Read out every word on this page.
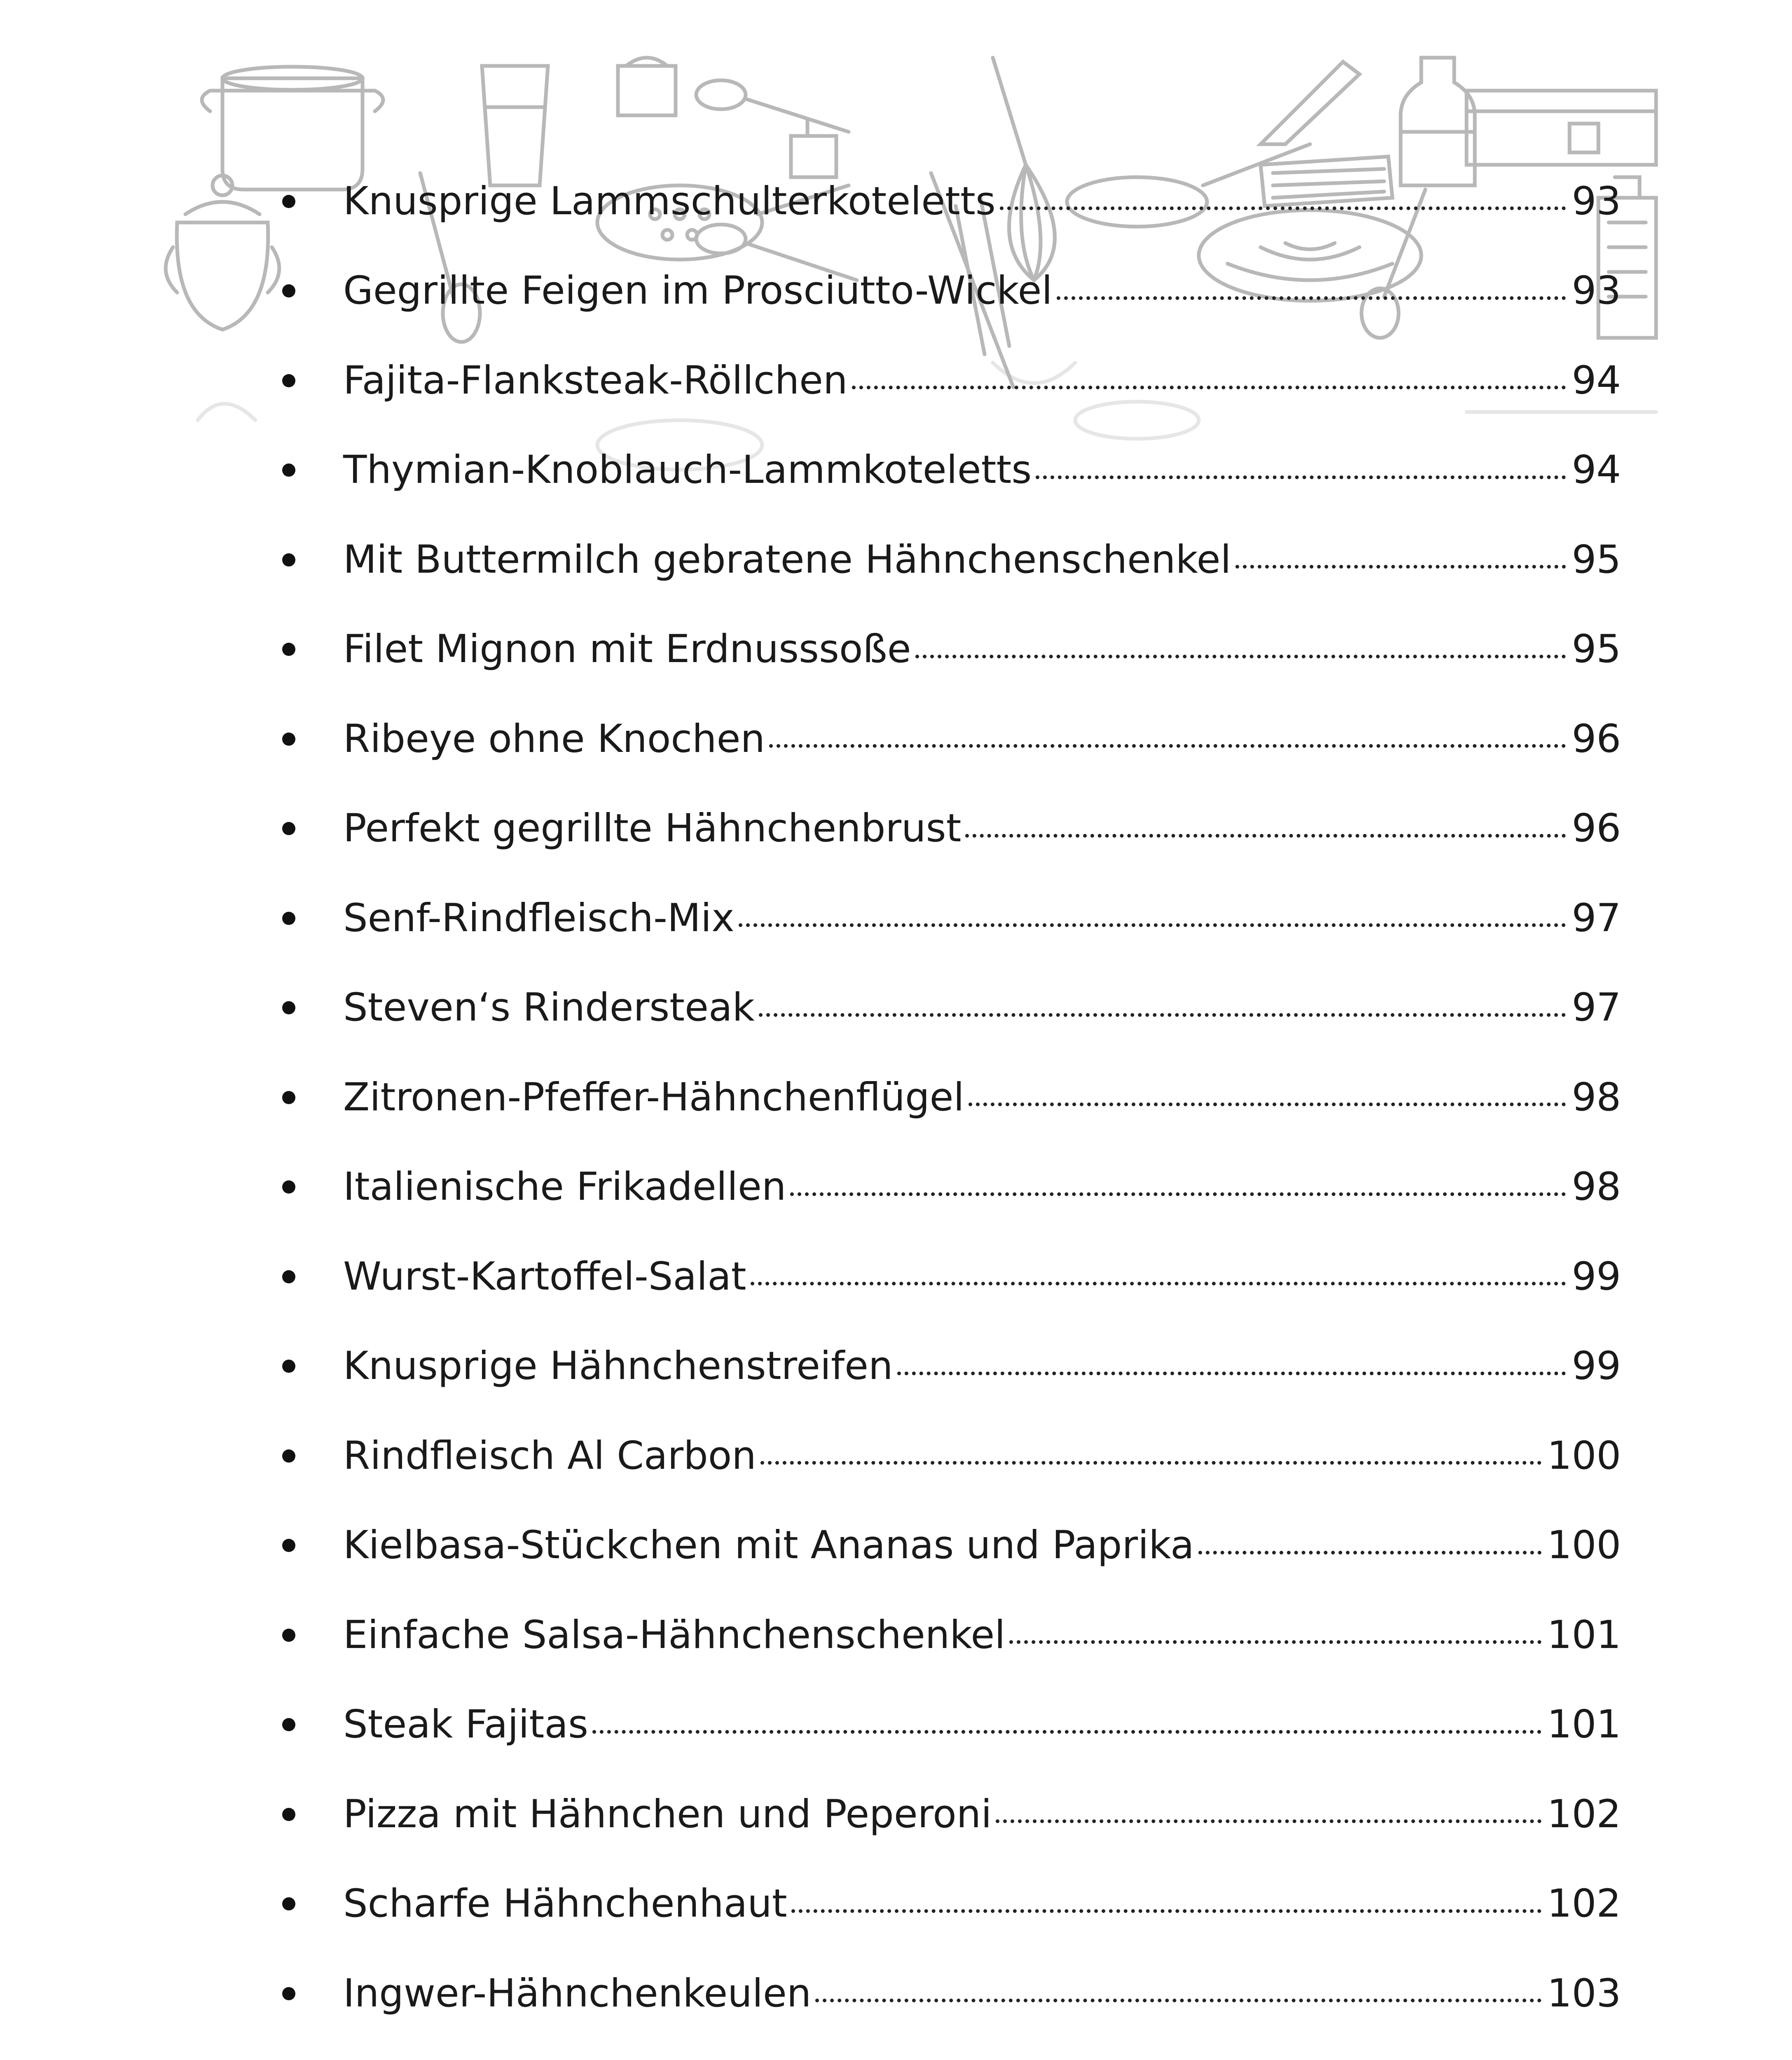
Knusprige Lammschulterkoteletts	93
Gegrillte Feigen im Prosciutto-Wickel	93
Fajita-Flanksteak-Röllchen	94
Thymian-Knoblauch-Lammkoteletts	94
Mit Buttermilch gebratene Hähnchenschenkel	95
Filet Mignon mit Erdnusssoße	95
Ribeye ohne Knochen	96
Perfekt gegrillte Hähnchenbrust	96
Senf-Rindfleisch-Mix	97
Steven‘s Rindersteak	97
Zitronen-Pfeffer-Hähnchenflügel	98
Italienische Frikadellen	98
Wurst-Kartoffel-Salat	99
Knusprige Hähnchenstreifen	99
Rindfleisch Al Carbon	100
Kielbasa-Stückchen mit Ananas und Paprika	100
Einfache Salsa-Hähnchenschenkel	101
Steak Fajitas	101
Pizza mit Hähnchen und Peperoni	102
Scharfe Hähnchenhaut	102
Ingwer-Hähnchenkeulen	103
